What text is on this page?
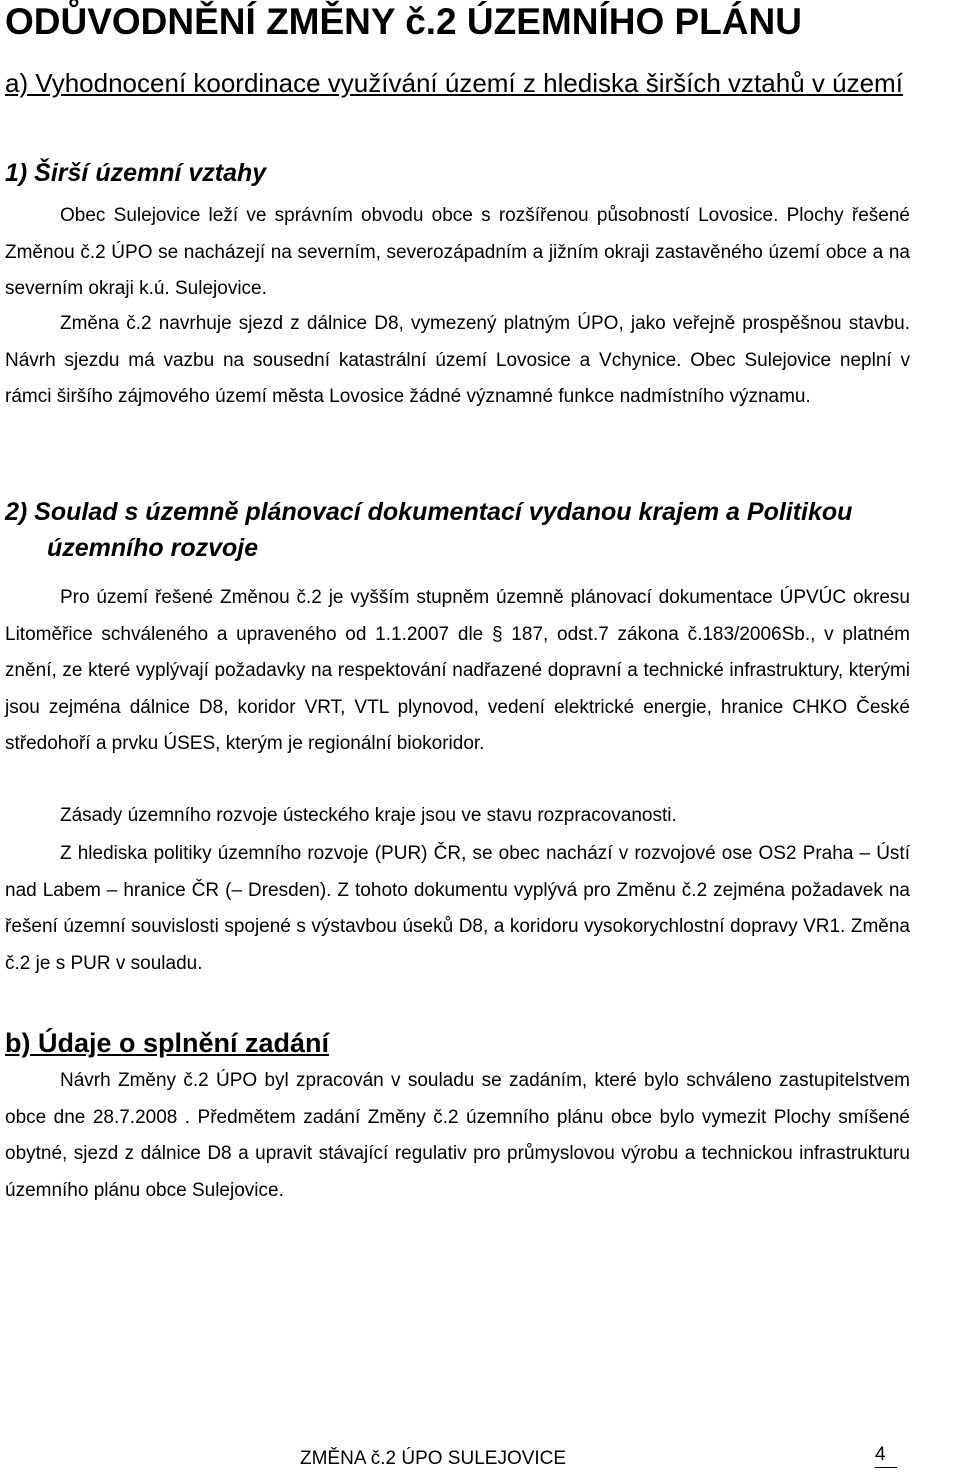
ODŮVODNĚNÍ ZMĚNY č.2 ÚZEMNÍHO PLÁNU
a) Vyhodnocení koordinace využívání území z hlediska širších vztahů v území
1) Širší územní vztahy

Obec Sulejovice leží ve správním obvodu obce s rozšířenou působností Lovosice. Plochy řešené Změnou č.2 ÚPO se nacházejí na severním, severozápadním a jižním okraji zastavěného území obce a na severním okraji k.ú. Sulejovice.

Změna č.2 navrhuje sjezd z dálnice D8, vymezený platným ÚPO, jako veřejně prospěšnou stavbu. Návrh sjezdu má vazbu na sousední katastrální území Lovosice a Vchynice. Obec Sulejovice neplní v rámci širšího zájmového území města Lovosice žádné významné funkce nadmístního významu.

2) Soulad s územně plánovací dokumentací vydanou krajem a Politikou
územního rozvoje

Pro území řešené Změnou č.2 je vyšším stupněm územně plánovací dokumentace ÚPVÚC okresu Litoměřice schváleného a upraveného od 1.1.2007 dle § 187, odst.7 zákona č.183/2006Sb., v platném znění, ze které vyplývají požadavky na respektování nadřazené dopravní a technické infrastruktury, kterými jsou zejména dálnice D8, koridor VRT, VTL plynovod, vedení elektrické energie, hranice CHKO České středohoří a prvku ÚSES, kterým je regionální biokoridor.

Zásady územního rozvoje ústeckého kraje jsou ve stavu rozpracovanosti.

Z hlediska politiky územního rozvoje (PUR) ČR, se obec nachází v rozvojové ose OS2 Praha – Ústí nad Labem – hranice ČR (– Dresden). Z tohoto dokumentu vyplývá pro Změnu č.2 zejména požadavek na řešení územní souvislosti spojené s výstavbou úseků D8, a koridoru vysokorychlostní dopravy VR1. Změna č.2 je s PUR v souladu.

b) Údaje o splnění zadání

Návrh Změny č.2 ÚPO byl zpracován v souladu se zadáním, které bylo schváleno zastupitelstvem obce dne 28.7.2008 . Předmětem zadání Změny č.2 územního plánu obce bylo vymezit Plochy smíšené obytné, sjezd z dálnice D8 a upravit stávající regulativ pro průmyslovou výrobu a technickou infrastrukturu územního plánu obce Sulejovice.

ZMĚNA č.2 ÚPO SULEJOVICE	4
